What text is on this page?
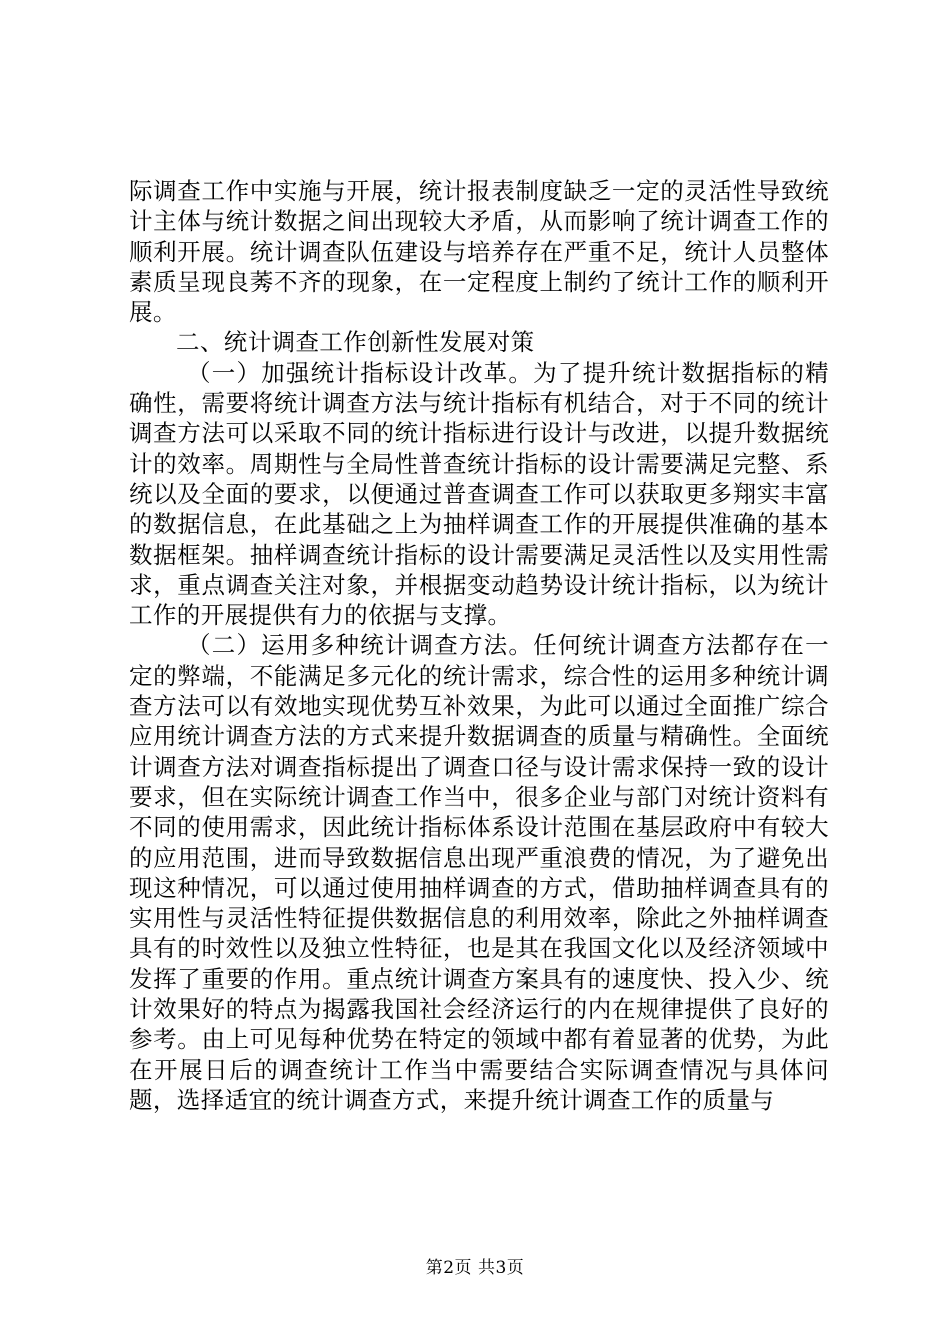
际调查工作中实施与开展，统计报表制度缺乏一定的灵活性导致统计主体与统计数据之间出现较大矛盾，从而影响了统计调查工作的顺利开展。统计调查队伍建设与培养存在严重不足，统计人员整体素质呈现良莠不齐的现象，在一定程度上制约了统计工作的顺利开展。

二、统计调查工作创新性发展对策

（一）加强统计指标设计改革。为了提升统计数据指标的精确性，需要将统计调查方法与统计指标有机结合，对于不同的统计调查方法可以采取不同的统计指标进行设计与改进，以提升数据统计的效率。周期性与全局性普查统计指标的设计需要满足完整、系统以及全面的要求，以便通过普查调查工作可以获取更多翔实丰富的数据信息，在此基础之上为抽样调查工作的开展提供准确的基本数据框架。抽样调查统计指标的设计需要满足灵活性以及实用性需求，重点调查关注对象，并根据变动趋势设计统计指标，以为统计工作的开展提供有力的依据与支撑。

（二）运用多种统计调查方法。任何统计调查方法都存在一定的弊端，不能满足多元化的统计需求，综合性的运用多种统计调查方法可以有效地实现优势互补效果，为此可以通过全面推广综合应用统计调查方法的方式来提升数据调查的质量与精确性。全面统计调查方法对调查指标提出了调查口径与设计需求保持一致的设计要求，但在实际统计调查工作当中，很多企业与部门对统计资料有不同的使用需求，因此统计指标体系设计范围在基层政府中有较大的应用范围，进而导致数据信息出现严重浪费的情况，为了避免出现这种情况，可以通过使用抽样调查的方式，借助抽样调查具有的实用性与灵活性特征提供数据信息的利用效率，除此之外抽样调查具有的时效性以及独立性特征，也是其在我国文化以及经济领域中发挥了重要的作用。重点统计调查方案具有的速度快、投入少、统计效果好的特点为揭露我国社会经济运行的内在规律提供了良好的参考。由上可见每种优势在特定的领域中都有着显著的优势，为此在开展日后的调查统计工作当中需要结合实际调查情况与具体问题，选择适宜的统计调查方式，来提升统计调查工作的质量与

第2页 共3页
